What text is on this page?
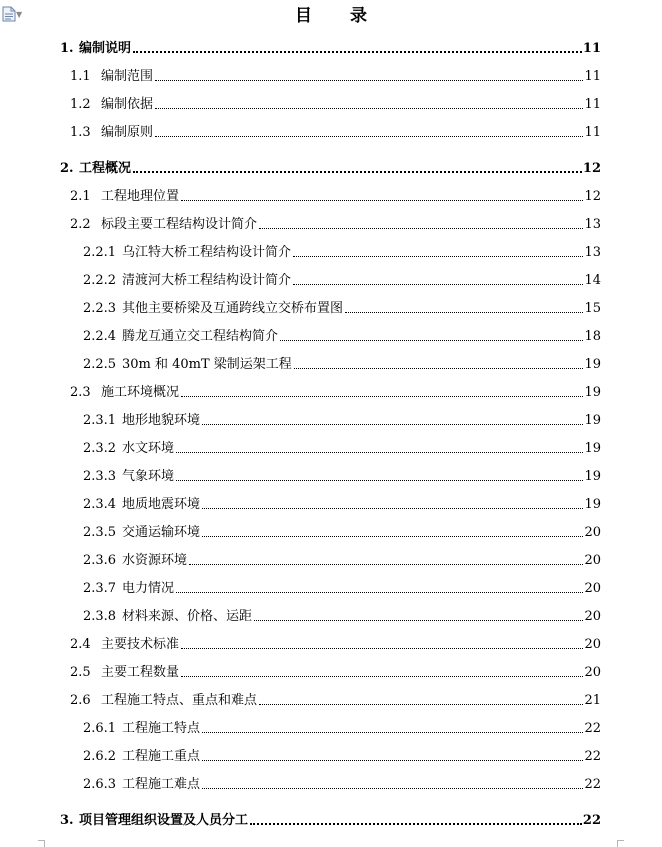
▼	目 录
1. 编制说明	11
1.1 编制范围	11
1.2 编制依据	11
1.3 编制原则	11
2. 工程概况	12
2.1 工程地理位置	12
2.2 标段主要工程结构设计简介	13
2.2.1 乌江特大桥工程结构设计简介	13
2.2.2 清渡河大桥工程结构设计简介	14
2.2.3 其他主要桥梁及互通跨线立交桥布置图	15
2.2.4 腾龙互通立交工程结构简介	18
2.2.5 30m 和 40mT 梁制运架工程	19
2.3 施工环境概况	19
2.3.1 地形地貌环境	19
2.3.2 水文环境	19
2.3.3 气象环境	19
2.3.4 地质地震环境	19
2.3.5 交通运输环境	20
2.3.6 水资源环境	20
2.3.7 电力情况	20
2.3.8 材料来源、价格、运距	20
2.4 主要技术标准	20
2.5 主要工程数量	20
2.6 工程施工特点、重点和难点	21
2.6.1 工程施工特点	22
2.6.2 工程施工重点	22
2.6.3 工程施工难点	22
3. 项目管理组织设置及人员分工	22
